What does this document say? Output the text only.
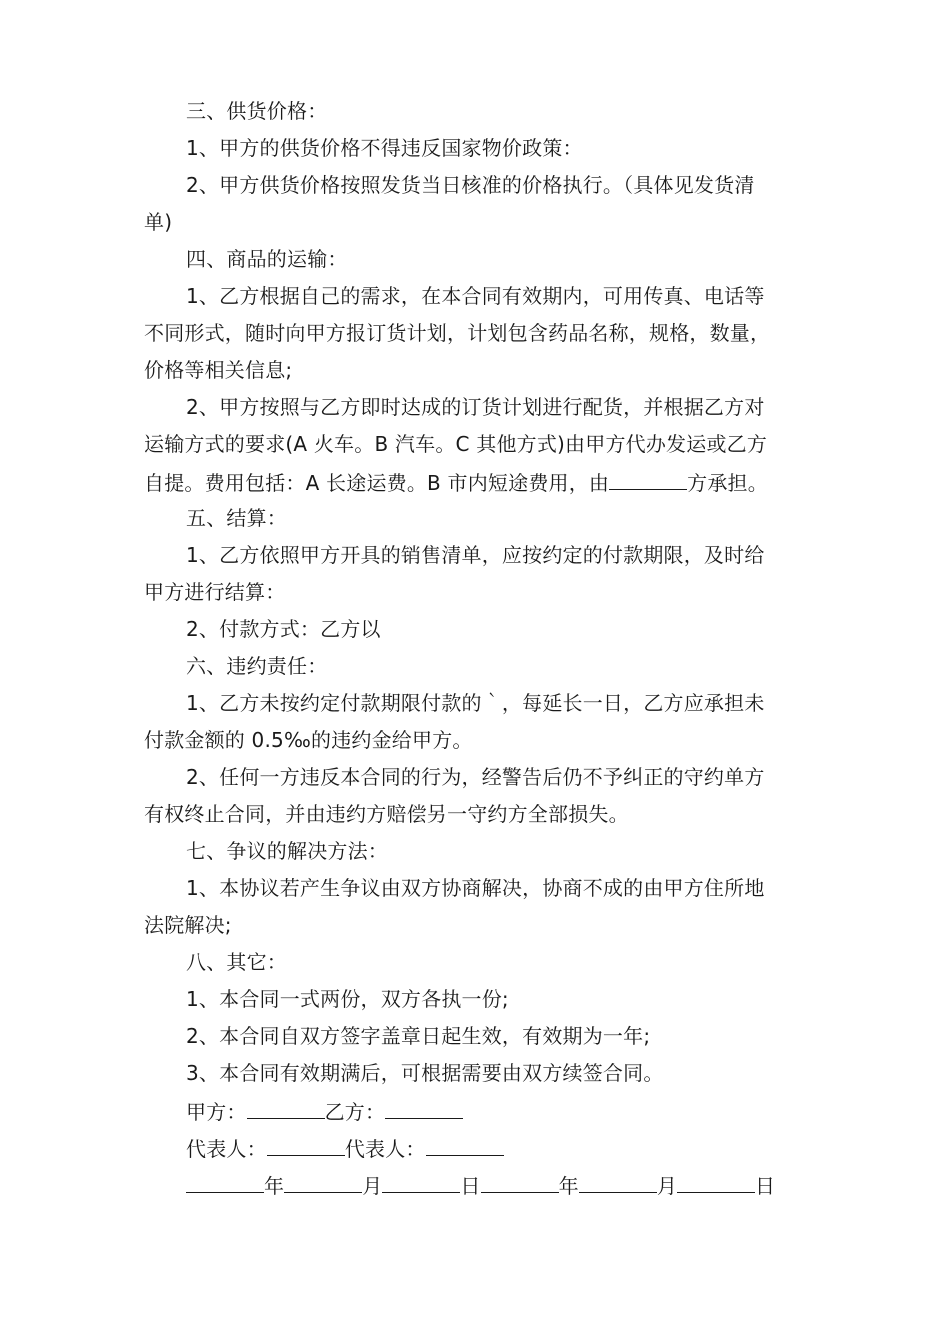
三、供货价格：
1、甲方的供货价格不得违反国家物价政策：
2、甲方供货价格按照发货当日核准的价格执行。（具体见发货清
单)
四、商品的运输：
1、乙方根据自己的需求，在本合同有效期内，可用传真、电话等
不同形式，随时向甲方报订货计划，计划包含药品名称，规格，数量，
价格等相关信息;
2、甲方按照与乙方即时达成的订货计划进行配货，并根据乙方对
运输方式的要求(A 火车。B 汽车。C 其他方式)由甲方代办发运或乙方
自提。费用包括：A 长途运费。B 市内短途费用，由	方承担。
五、结算：
1、乙方依照甲方开具的销售清单，应按约定的付款期限，及时给
甲方进行结算：
2、付款方式：乙方以
六、违约责任：
1、乙方未按约定付款期限付款的｀，每延长一日，乙方应承担未
付款金额的 0.5‰的违约金给甲方。
2、任何一方违反本合同的行为，经警告后仍不予纠正的守约单方
有权终止合同，并由违约方赔偿另一守约方全部损失。
七、争议的解决方法：
1、本协议若产生争议由双方协商解决，协商不成的由甲方住所地
法院解决;
八、其它：
1、本合同一式两份，双方各执一份;
2、本合同自双方签字盖章日起生效，有效期为一年;
3、本合同有效期满后，可根据需要由双方续签合同。
甲方：	乙方：
代表人：	代表人：
年	月	日	年	月	日
